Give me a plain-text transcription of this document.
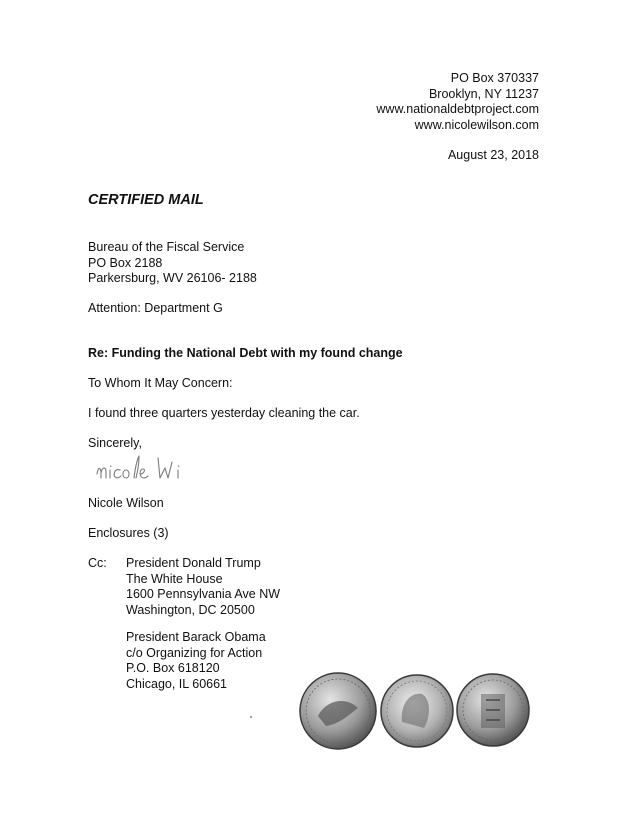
PO Box 370337
Brooklyn, NY 11237
www.nationaldebtproject.com
www.nicolewilson.com
August 23, 2018
CERTIFIED MAIL
Bureau of the Fiscal Service
PO Box 2188
Parkersburg, WV 26106- 2188
Attention: Department G
Re: Funding the National Debt with my found change
To Whom It May Concern:
I found three quarters yesterday cleaning the car.
Sincerely,
Nicole Wilson
Enclosures (3)
Cc: President Donald Trump
The White House
1600 Pennsylvania Ave NW
Washington, DC 20500
President Barack Obama
c/o Organizing for Action
P.O. Box 618120
Chicago, IL 60661
